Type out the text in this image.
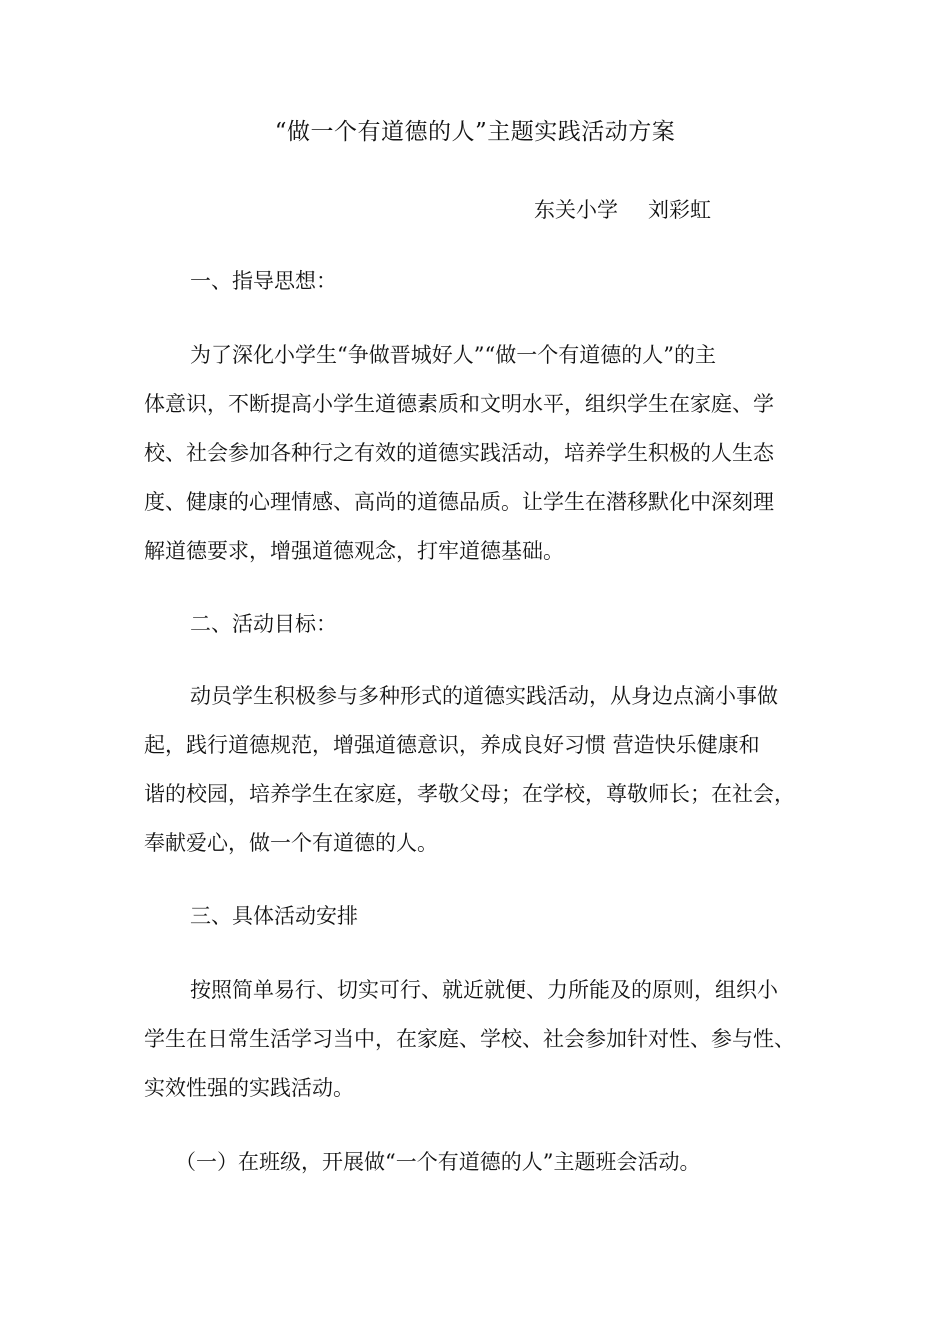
“做一个有道德的人”主题实践活动方案
东关小学 刘彩虹
一、指导思想：
为了深化小学生“争做晋城好人”“做一个有道德的人”的主
体意识，不断提高小学生道德素质和文明水平，组织学生在家庭、学
校、社会参加各种行之有效的道德实践活动，培养学生积极的人生态
度、健康的心理情感、高尚的道德品质。让学生在潜移默化中深刻理
解道德要求，增强道德观念，打牢道德基础。
二、活动目标：
动员学生积极参与多种形式的道德实践活动，从身边点滴小事做
起，践行道德规范，增强道德意识，养成良好习惯 营造快乐健康和
谐的校园，培养学生在家庭，孝敬父母；在学校，尊敬师长；在社会，
奉献爱心，做一个有道德的人。
三、具体活动安排
按照简单易行、切实可行、就近就便、力所能及的原则，组织小
学生在日常生活学习当中，在家庭、学校、社会参加针对性、参与性、
实效性强的实践活动。
（一）在班级，开展做“一个有道德的人”主题班会活动。
